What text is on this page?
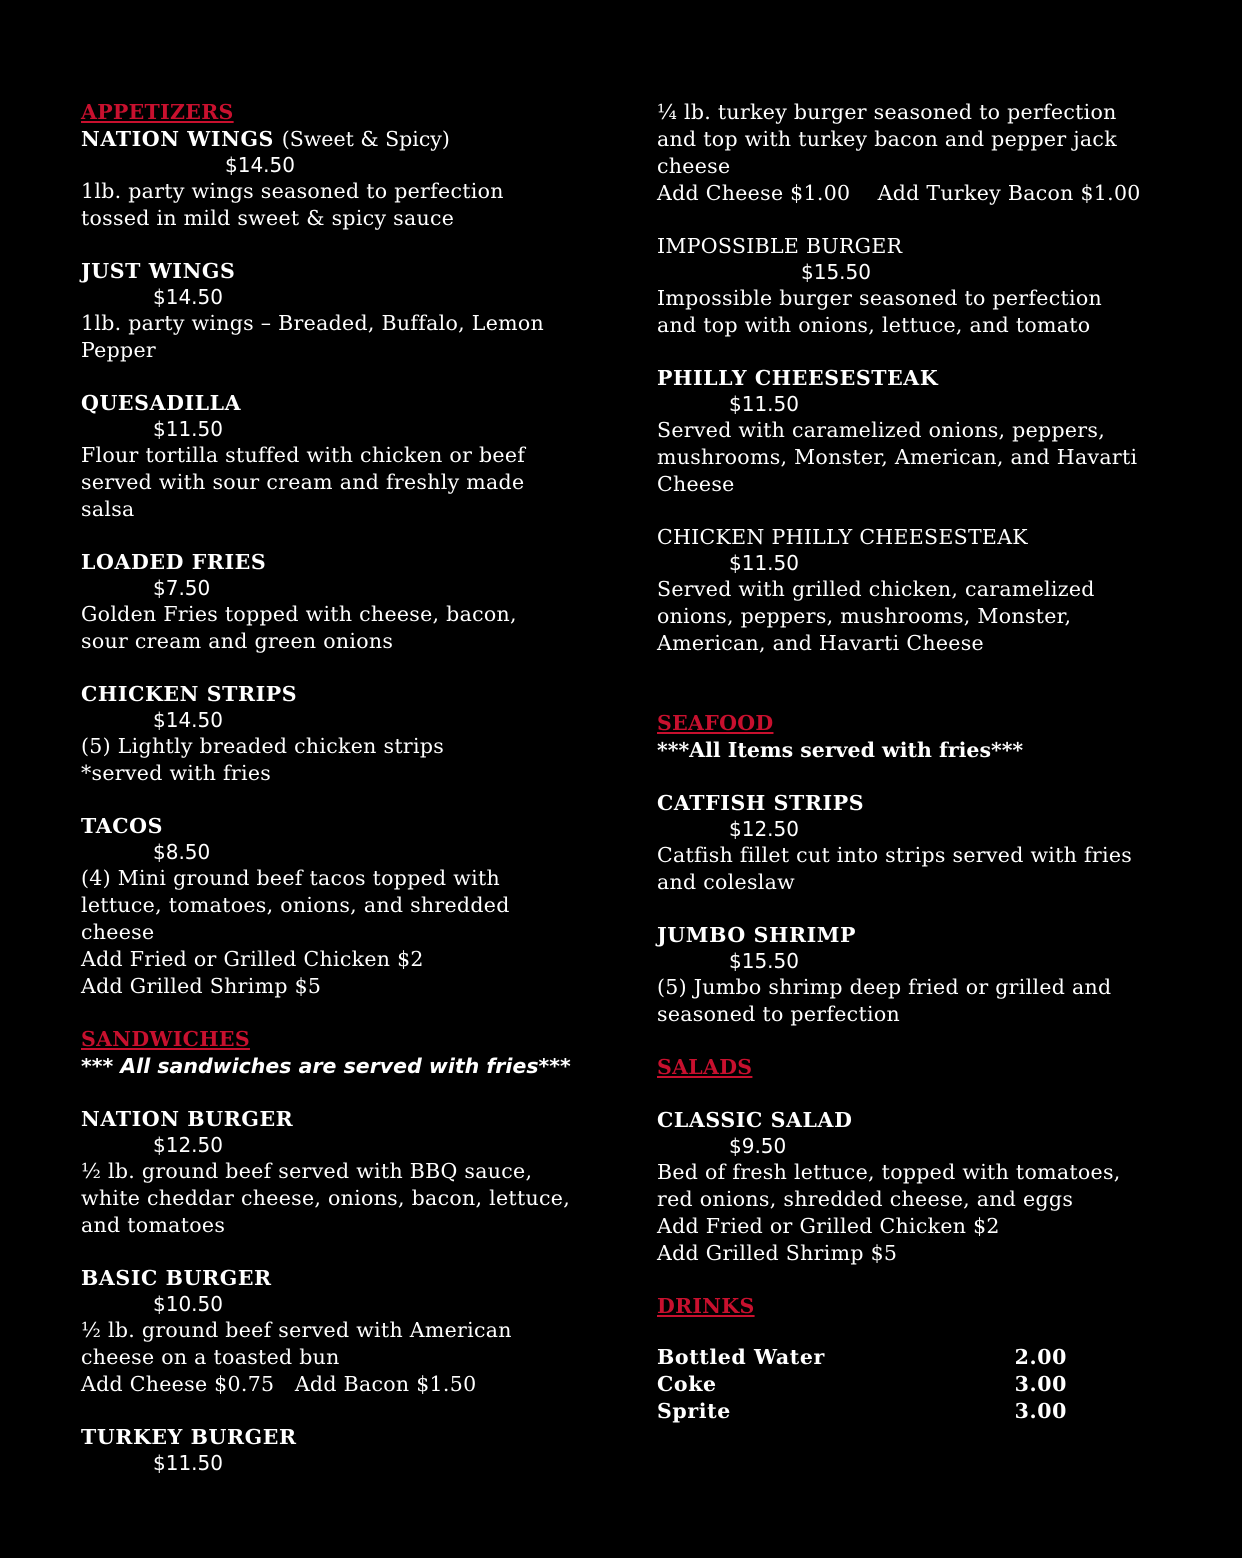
APPETIZERS
NATION WINGS (Sweet & Spicy)
$14.50
1lb. party wings seasoned to perfection
tossed in mild sweet & spicy sauce
JUST WINGS
$14.50
1lb. party wings – Breaded, Buffalo, Lemon
Pepper
QUESADILLA
$11.50
Flour tortilla stuffed with chicken or beef
served with sour cream and freshly made
salsa
LOADED FRIES
$7.50
Golden Fries topped with cheese, bacon,
sour cream and green onions
CHICKEN STRIPS
$14.50
(5) Lightly breaded chicken strips
*served with fries
TACOS
$8.50
(4) Mini ground beef tacos topped with
lettuce, tomatoes, onions, and shredded
cheese
Add Fried or Grilled Chicken $2
Add Grilled Shrimp $5
SANDWICHES
*** All sandwiches are served with fries***
NATION BURGER
$12.50
½ lb. ground beef served with BBQ sauce,
white cheddar cheese, onions, bacon, lettuce,
and tomatoes
BASIC BURGER
$10.50
½ lb. ground beef served with American
cheese on a toasted bun
Add Cheese $0.75   Add Bacon $1.50
TURKEY BURGER
$11.50
¼ lb. turkey burger seasoned to perfection
and top with turkey bacon and pepper jack
cheese
Add Cheese $1.00    Add Turkey Bacon $1.00
IMPOSSIBLE BURGER
$15.50
Impossible burger seasoned to perfection
and top with onions, lettuce, and tomato
PHILLY CHEESESTEAK
$11.50
Served with caramelized onions, peppers,
mushrooms, Monster, American, and Havarti
Cheese
CHICKEN PHILLY CHEESESTEAK
$11.50
Served with grilled chicken, caramelized
onions, peppers, mushrooms, Monster,
American, and Havarti Cheese
SEAFOOD
***All Items served with fries***
CATFISH STRIPS
$12.50
Catfish fillet cut into strips served with fries
and coleslaw
JUMBO SHRIMP
$15.50
(5) Jumbo shrimp deep fried or grilled and
seasoned to perfection
SALADS
CLASSIC SALAD
$9.50
Bed of fresh lettuce, topped with tomatoes,
red onions, shredded cheese, and eggs
Add Fried or Grilled Chicken $2
Add Grilled Shrimp $5
DRINKS
Bottled Water	2.00
Coke	3.00
Sprite	3.00
